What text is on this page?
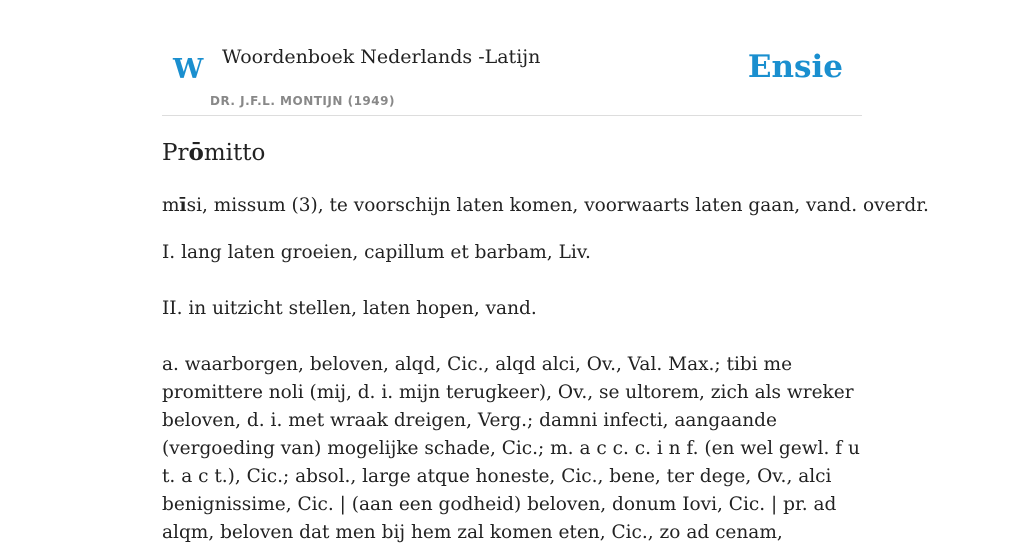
W Woordenboek Nederlands -Latijn
DR. J.F.L. MONTIJN (1949)
Ensie
Prōmitto

mīsi, missum (3), te voorschijn laten komen, voorwaarts laten gaan, vand. overdr.

I. lang laten groeien, capillum et barbam, Liv.

II. in uitzicht stellen, laten hopen, vand.

a. waarborgen, beloven, alqd, Cic., alqd alci, Ov., Val. Max.; tibi me promittere noli (mij, d. i. mijn terugkeer), Ov., se ultorem, zich als wreker beloven, d. i. met wraak dreigen, Verg.; damni infecti, aangaande (vergoeding van) mogelijke schade, Cic.; m. a c c. c. i n f. (en wel gewl. f u t. a c t.), Cic.; absol., large atque honeste, Cic., bene, ter dege, Ov., alci benignissime, Cic. | (aan een godheid) beloven, donum Iovi, Cic. | pr. ad alqm, beloven dat men bij hem zal komen eten, Cic., zo ad cenam,
